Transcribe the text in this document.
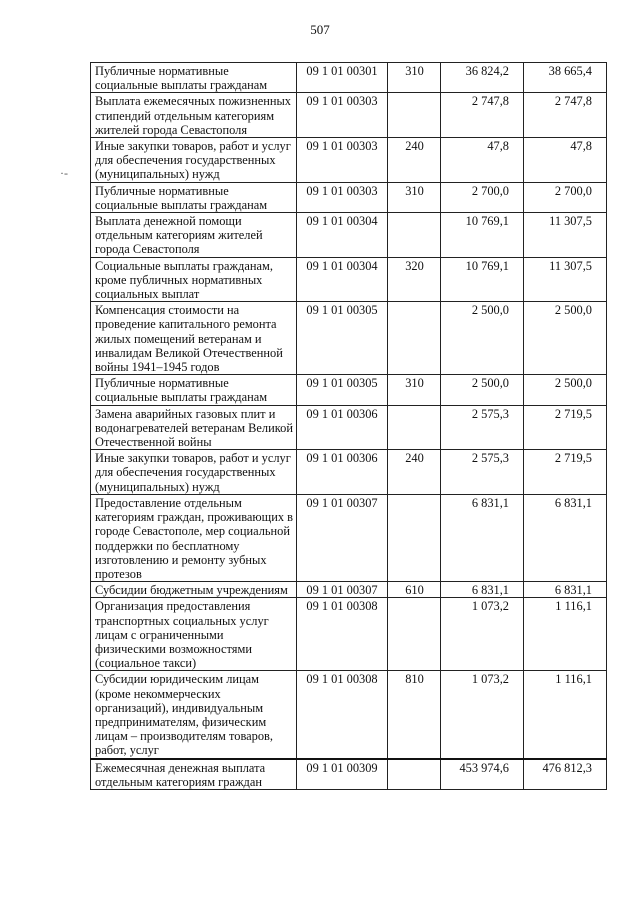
507
·-
Публичные нормативные социальные выплаты гражданам	09 1 01 00301	310	36 824,2	38 665,4
Выплата ежемесячных пожизненных стипендий отдельным категориям жителей города Севастополя	09 1 01 00303		2 747,8	2 747,8
Иные закупки товаров, работ и услуг для обеспечения государственных (муниципальных) нужд	09 1 01 00303	240	47,8	47,8
Публичные нормативные социальные выплаты гражданам	09 1 01 00303	310	2 700,0	2 700,0
Выплата денежной помощи отдельным категориям жителей города Севастополя	09 1 01 00304		10 769,1	11 307,5
Социальные выплаты гражданам, кроме публичных нормативных социальных выплат	09 1 01 00304	320	10 769,1	11 307,5
Компенсация стоимости на проведение капитального ремонта жилых помещений ветеранам и инвалидам Великой Отечественной войны 1941–1945 годов	09 1 01 00305		2 500,0	2 500,0
Публичные нормативные социальные выплаты гражданам	09 1 01 00305	310	2 500,0	2 500,0
Замена аварийных газовых плит и водонагревателей ветеранам Великой Отечественной войны	09 1 01 00306		2 575,3	2 719,5
Иные закупки товаров, работ и услуг для обеспечения государственных (муниципальных) нужд	09 1 01 00306	240	2 575,3	2 719,5
Предоставление отдельным категориям граждан, проживающих в городе Севастополе, мер социальной поддержки по бесплатному изготовлению и ремонту зубных протезов	09 1 01 00307		6 831,1	6 831,1
Субсидии бюджетным учреждениям	09 1 01 00307	610	6 831,1	6 831,1
Организация предоставления транспортных социальных услуг лицам с ограниченными физическими возможностями (социальное такси)	09 1 01 00308		1 073,2	1 116,1
Субсидии юридическим лицам (кроме некоммерческих организаций), индивидуальным предпринимателям, физическим лицам – производителям товаров, работ, услуг	09 1 01 00308	810	1 073,2	1 116,1
Ежемесячная денежная выплата отдельным категориям граждан	09 1 01 00309		453 974,6	476 812,3
